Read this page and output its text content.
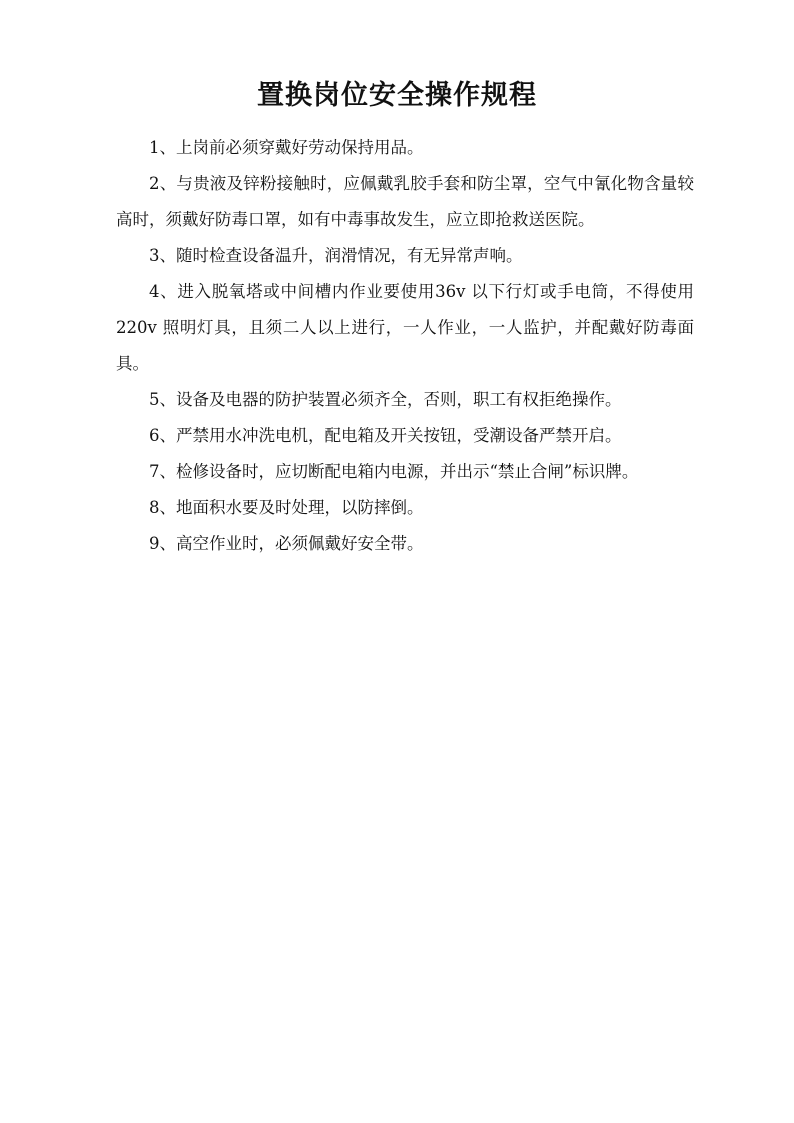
置换岗位安全操作规程

1、上岗前必须穿戴好劳动保持用品。

2、与贵液及锌粉接触时，应佩戴乳胶手套和防尘罩，空气中氰化物含量较高时，须戴好防毒口罩，如有中毒事故发生，应立即抢救送医院。

3、随时检查设备温升，润滑情况，有无异常声响。

4、进入脱氧塔或中间槽内作业要使用36v 以下行灯或手电筒，不得使用 220v 照明灯具，且须二人以上进行，一人作业，一人监护，并配戴好防毒面具。

5、设备及电器的防护装置必须齐全，否则，职工有权拒绝操作。

6、严禁用水冲洗电机，配电箱及开关按钮，受潮设备严禁开启。

7、检修设备时，应切断配电箱内电源，并出示“禁止合闸”标识牌。

8、地面积水要及时处理，以防摔倒。

9、高空作业时，必须佩戴好安全带。
